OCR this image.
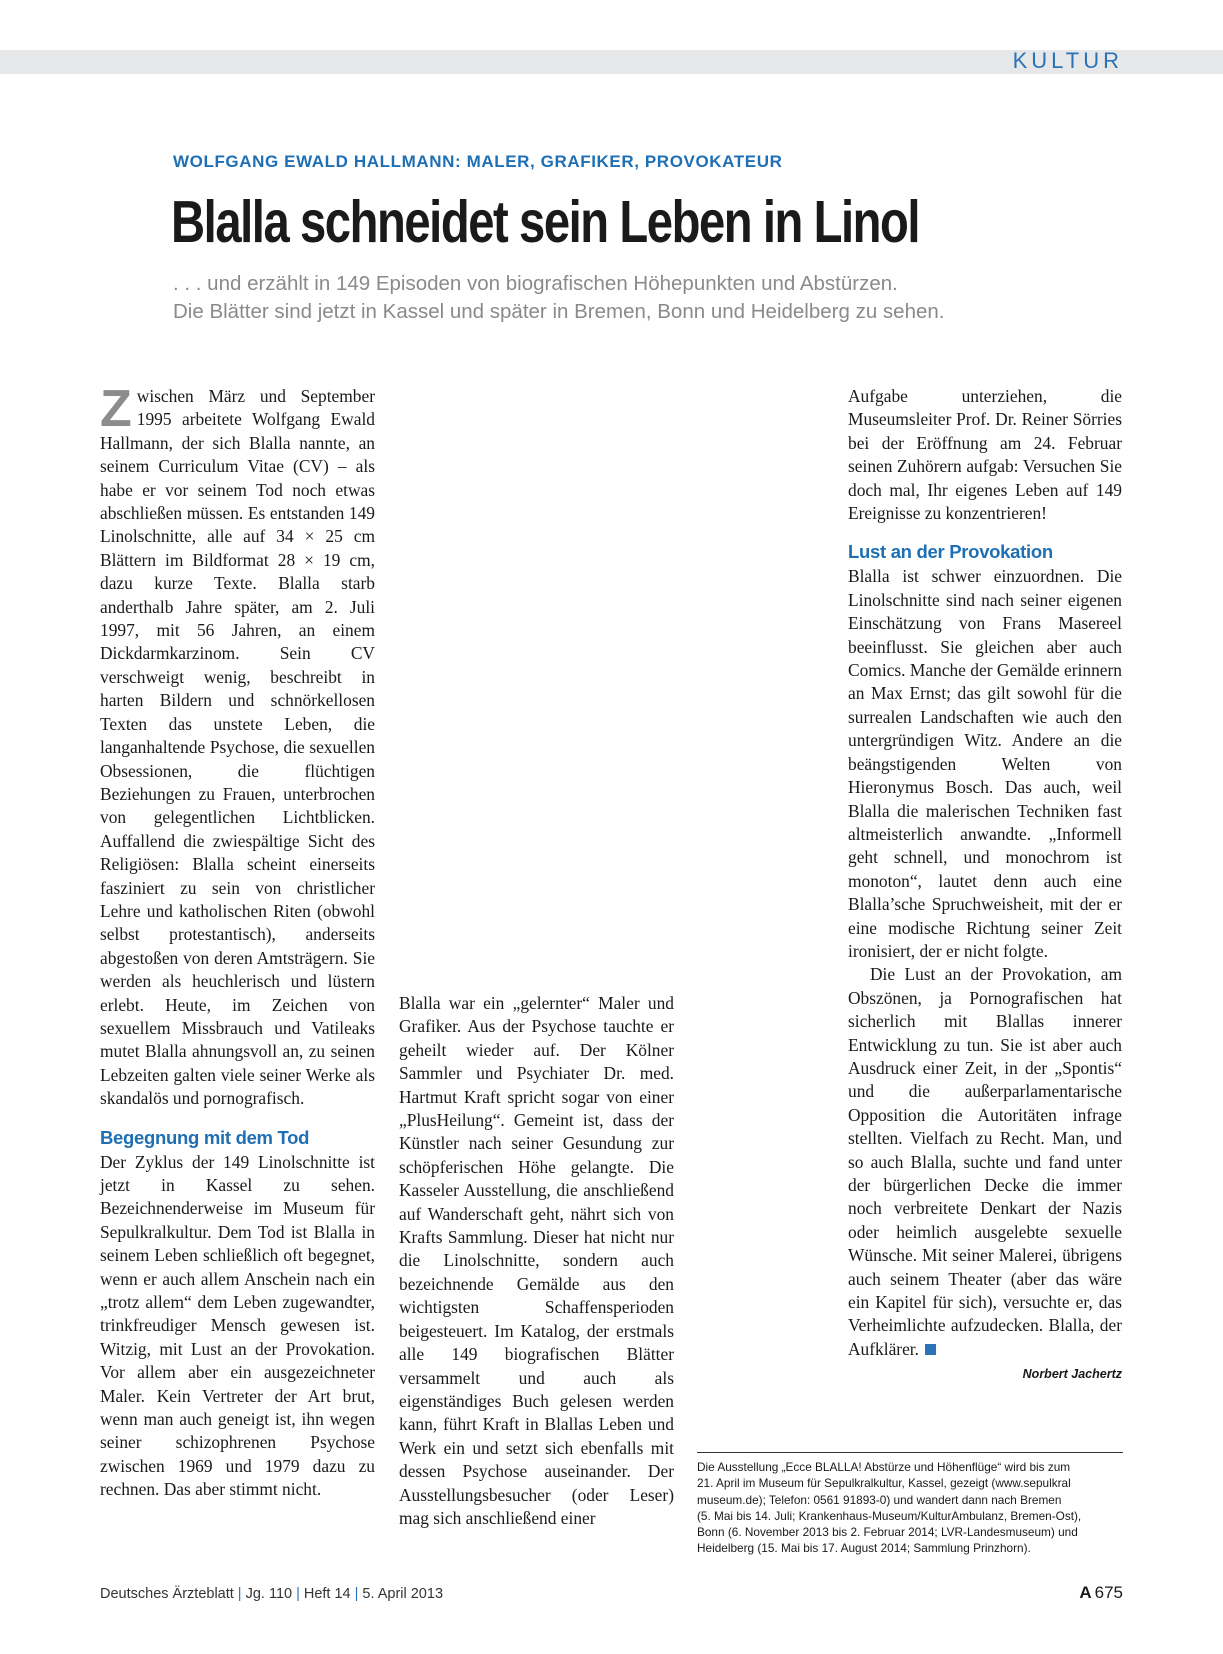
KULTUR
WOLFGANG EWALD HALLMANN: MALER, GRAFIKER, PROVOKATEUR
Blalla schneidet sein Leben in Linol
. . . und erzählt in 149 Episoden von biografischen Höhepunkten und Abstürzen.
Die Blätter sind jetzt in Kassel und später in Bremen, Bonn und Heidelberg zu sehen.

Zwischen März und September 1995 arbeitete Wolfgang Ewald Hallmann, der sich Blalla nannte, an seinem Curriculum Vitae (CV) – als habe er vor seinem Tod noch etwas abschließen müssen. Es entstanden 149 Linolschnitte, alle auf 34 × 25 cm Blättern im Bildformat 28 × 19 cm, dazu kurze Texte. Blalla starb anderthalb Jahre später, am 2. Juli 1997, mit 56 Jahren, an einem Dickdarmkarzinom. Sein CV verschweigt wenig, beschreibt in harten Bildern und schnörkellosen Texten das unstete Leben, die langanhaltende Psychose, die sexuellen Obsessionen, die flüchtigen Beziehungen zu Frauen, unterbrochen von gelegentlichen Lichtblicken. Auffallend die zwiespältige Sicht des Religiösen: Blalla scheint einerseits fasziniert zu sein von christlicher Lehre und katholischen Riten (obwohl selbst protestantisch), anderseits abgestoßen von deren Amtsträgern. Sie werden als heuchlerisch und lüstern erlebt. Heute, im Zeichen von sexuellem Missbrauch und Vatileaks mutet Blalla ahnungsvoll an, zu seinen Lebzeiten galten viele seiner Werke als skandalös und pornografisch.

Begegnung mit dem Tod

Der Zyklus der 149 Linolschnitte ist jetzt in Kassel zu sehen. Bezeichnenderweise im Museum für Sepulkralkultur. Dem Tod ist Blalla in seinem Leben schließlich oft begegnet, wenn er auch allem Anschein nach ein „trotz allem“ dem Leben zugewandter, trinkfreudiger Mensch gewesen ist. Witzig, mit Lust an der Provokation. Vor allem aber ein ausgezeichneter Maler. Kein Vertreter der Art brut, wenn man auch geneigt ist, ihn wegen seiner schizophrenen Psychose zwischen 1969 und 1979 dazu zu rechnen. Das aber stimmt nicht.

Blalla war ein „gelernter“ Maler und Grafiker. Aus der Psychose tauchte er geheilt wieder auf. Der Kölner Sammler und Psychiater Dr. med. Hartmut Kraft spricht sogar von einer „PlusHeilung“. Gemeint ist, dass der Künstler nach seiner Gesundung zur schöpferischen Höhe gelangte. Die Kasseler Ausstellung, die anschließend auf Wanderschaft geht, nährt sich von Krafts Sammlung. Dieser hat nicht nur die Linolschnitte, sondern auch bezeichnende Gemälde aus den wichtigsten Schaffensperioden beigesteuert. Im Katalog, der erstmals alle 149 biografischen Blätter versammelt und auch als eigenständiges Buch gelesen werden kann, führt Kraft in Blallas Leben und Werk ein und setzt sich ebenfalls mit dessen Psychose auseinander. Der Ausstellungsbesucher (oder Leser) mag sich anschließend einer

Aufgabe unterziehen, die Museumsleiter Prof. Dr. Reiner Sörries bei der Eröffnung am 24. Februar seinen Zuhörern aufgab: Versuchen Sie doch mal, Ihr eigenes Leben auf 149 Ereignisse zu konzentrieren!

Lust an der Provokation

Blalla ist schwer einzuordnen. Die Linolschnitte sind nach seiner eigenen Einschätzung von Frans Masereel beeinflusst. Sie gleichen aber auch Comics. Manche der Gemälde erinnern an Max Ernst; das gilt sowohl für die surrealen Landschaften wie auch den untergründigen Witz. Andere an die beängstigenden Welten von Hieronymus Bosch. Das auch, weil Blalla die malerischen Techniken fast altmeisterlich anwandte. „Informell geht schnell, und monochrom ist monoton“, lautet denn auch eine Blalla’sche Spruchweisheit, mit der er eine modische Richtung seiner Zeit ironisiert, der er nicht folgte.

Die Lust an der Provokation, am Obszönen, ja Pornografischen hat sicherlich mit Blallas innerer Entwicklung zu tun. Sie ist aber auch Ausdruck einer Zeit, in der „Spontis“ und die außerparlamentarische Opposition die Autoritäten infrage stellten. Vielfach zu Recht. Man, und so auch Blalla, suchte und fand unter der bürgerlichen Decke die immer noch verbreitete Denkart der Nazis oder heimlich ausgelebte sexuelle Wünsche. Mit seiner Malerei, übrigens auch seinem Theater (aber das wäre ein Kapitel für sich), versuchte er, das Verheimlichte aufzudecken. Blalla, der Aufklärer.

Norbert Jachertz
Die Ausstellung „Ecce BLALLA! Abstürze und Höhenflüge“ wird bis zum
21. April im Museum für Sepulkralkultur, Kassel, gezeigt (www.sepulkral
museum.de); Telefon: 0561 91893-0) und wandert dann nach Bremen
(5. Mai bis 14. Juli; Krankenhaus-Museum/KulturAmbulanz, Bremen-Ost),
Bonn (6. November 2013 bis 2. Februar 2014; LVR-Landesmuseum) und
Heidelberg (15. Mai bis 17. August 2014; Sammlung Prinzhorn).
Deutsches Ärzteblatt | Jg. 110 | Heft 14 | 5. April 2013	A 675
